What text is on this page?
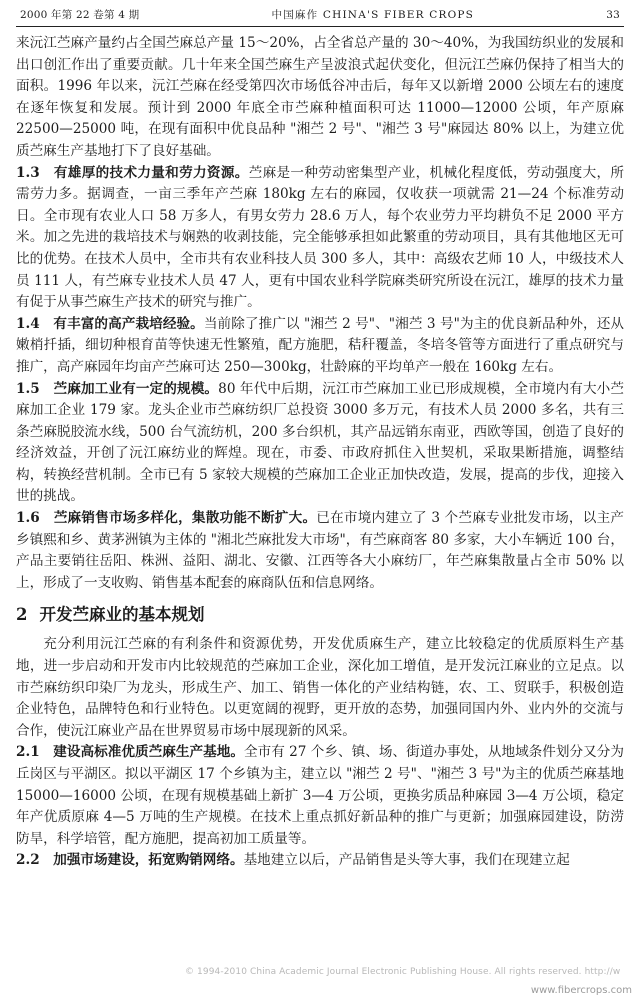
2000 年第 22 卷第 4 期	中国麻作 CHINA'S FIBER CROPS	33

来沅江苎麻产量约占全国苎麻总产量 15～20%，占全省总产量的 30～40%，为我国纺织业的发展和出口创汇作出了重要贡献。几十年来全国苎麻生产呈波浪式起伏变化，但沅江苎麻仍保持了相当大的面积。1996 年以来，沅江苎麻在经受第四次市场低谷冲击后，每年又以新增 2000 公顷左右的速度在逐年恢复和发展。预计到 2000 年底全市苎麻种植面积可达 11000—12000 公顷，年产原麻 22500—25000 吨，在现有面积中优良品种 "湘苎 2 号"、"湘苎 3 号"麻园达 80% 以上，为建立优质苎麻生产基地打下了良好基础。

1.3　有雄厚的技术力量和劳力资源。苎麻是一种劳动密集型产业，机械化程度低，劳动强度大，所需劳力多。据调查，一亩三季年产苎麻 180kg 左右的麻园，仅收获一项就需 21—24 个标准劳动日。全市现有农业人口 58 万多人，有男女劳力 28.6 万人，每个农业劳力平均耕负不足 2000 平方米。加之先进的栽培技术与娴熟的收剥技能，完全能够承担如此繁重的劳动项目，具有其他地区无可比的优势。在技术人员中，全市共有农业科技人员 300 多人，其中：高级农艺师 10 人，中级技术人员 111 人，有苎麻专业技术人员 47 人，更有中国农业科学院麻类研究所设在沅江，雄厚的技术力量有促于从事苎麻生产技术的研究与推广。

1.4　有丰富的高产栽培经验。当前除了推广以 "湘苎 2 号"、"湘苎 3 号"为主的优良新品种外，还从嫩梢扦插，细切种根育苗等快速无性繁殖，配方施肥，秸秆覆盖，冬培冬管等方面进行了重点研究与推广，高产麻园年均亩产苎麻可达 250—300kg，壮龄麻的平均单产一般在 160kg 左右。

1.5　苎麻加工业有一定的规模。80 年代中后期，沅江市苎麻加工业已形成规模，全市境内有大小苎麻加工企业 179 家。龙头企业市苎麻纺织厂总投资 3000 多万元，有技术人员 2000 多名，共有三条苎麻脱胶流水线，500 台气流纺机，200 多台织机，其产品远销东南亚，西欧等国，创造了良好的经济效益，开创了沅江麻纺业的辉煌。现在，市委、市政府抓住入世契机，采取果断措施，调整结构，转换经营机制。全市已有 5 家较大规模的苎麻加工企业正加快改造，发展，提高的步伐，迎接入世的挑战。

1.6　苎麻销售市场多样化，集散功能不断扩大。已在市境内建立了 3 个苎麻专业批发市场，以主产乡镇熙和乡、黄茅洲镇为主体的 "湘北苎麻批发大市场"，有苎麻商客 80 多家，大小车辆近 100 台，产品主要销往岳阳、株洲、益阳、湖北、安徽、江西等各大小麻纺厂，年苎麻集散量占全市 50% 以上，形成了一支收购、销售基本配套的麻商队伍和信息网络。

2 开发苎麻业的基本规划

充分利用沅江苎麻的有利条件和资源优势，开发优质麻生产，建立比较稳定的优质原料生产基地，进一步启动和开发市内比较规范的苎麻加工企业，深化加工增值，是开发沅江麻业的立足点。以市苎麻纺织印染厂为龙头，形成生产、加工、销售一体化的产业结构链，农、工、贸联手，积极创造企业特色，品牌特色和行业特色。以更宽阔的视野，更开放的态势，加强同国内外、业内外的交流与合作，使沅江麻业产品在世界贸易市场中展现新的风采。

2.1　建设高标准优质苎麻生产基地。全市有 27 个乡、镇、场、街道办事处，从地域条件划分又分为丘岗区与平湖区。拟以平湖区 17 个乡镇为主，建立以 "湘苎 2 号"、"湘苎 3 号"为主的优质苎麻基地 15000—16000 公顷，在现有规模基础上新扩 3—4 万公顷，更换劣质品种麻园 3—4 万公顷，稳定年产优质原麻 4—5 万吨的生产规模。在技术上重点抓好新品种的推广与更新；加强麻园建设，防涝防旱，科学培管，配方施肥，提高初加工质量等。

2.2　加强市场建设，拓宽购销网络。基地建立以后，产品销售是头等大事，我们在现建立起

© 1994-2010 China Academic Journal Electronic Publishing House. All rights reserved. http://w
www.fibercrops.com
